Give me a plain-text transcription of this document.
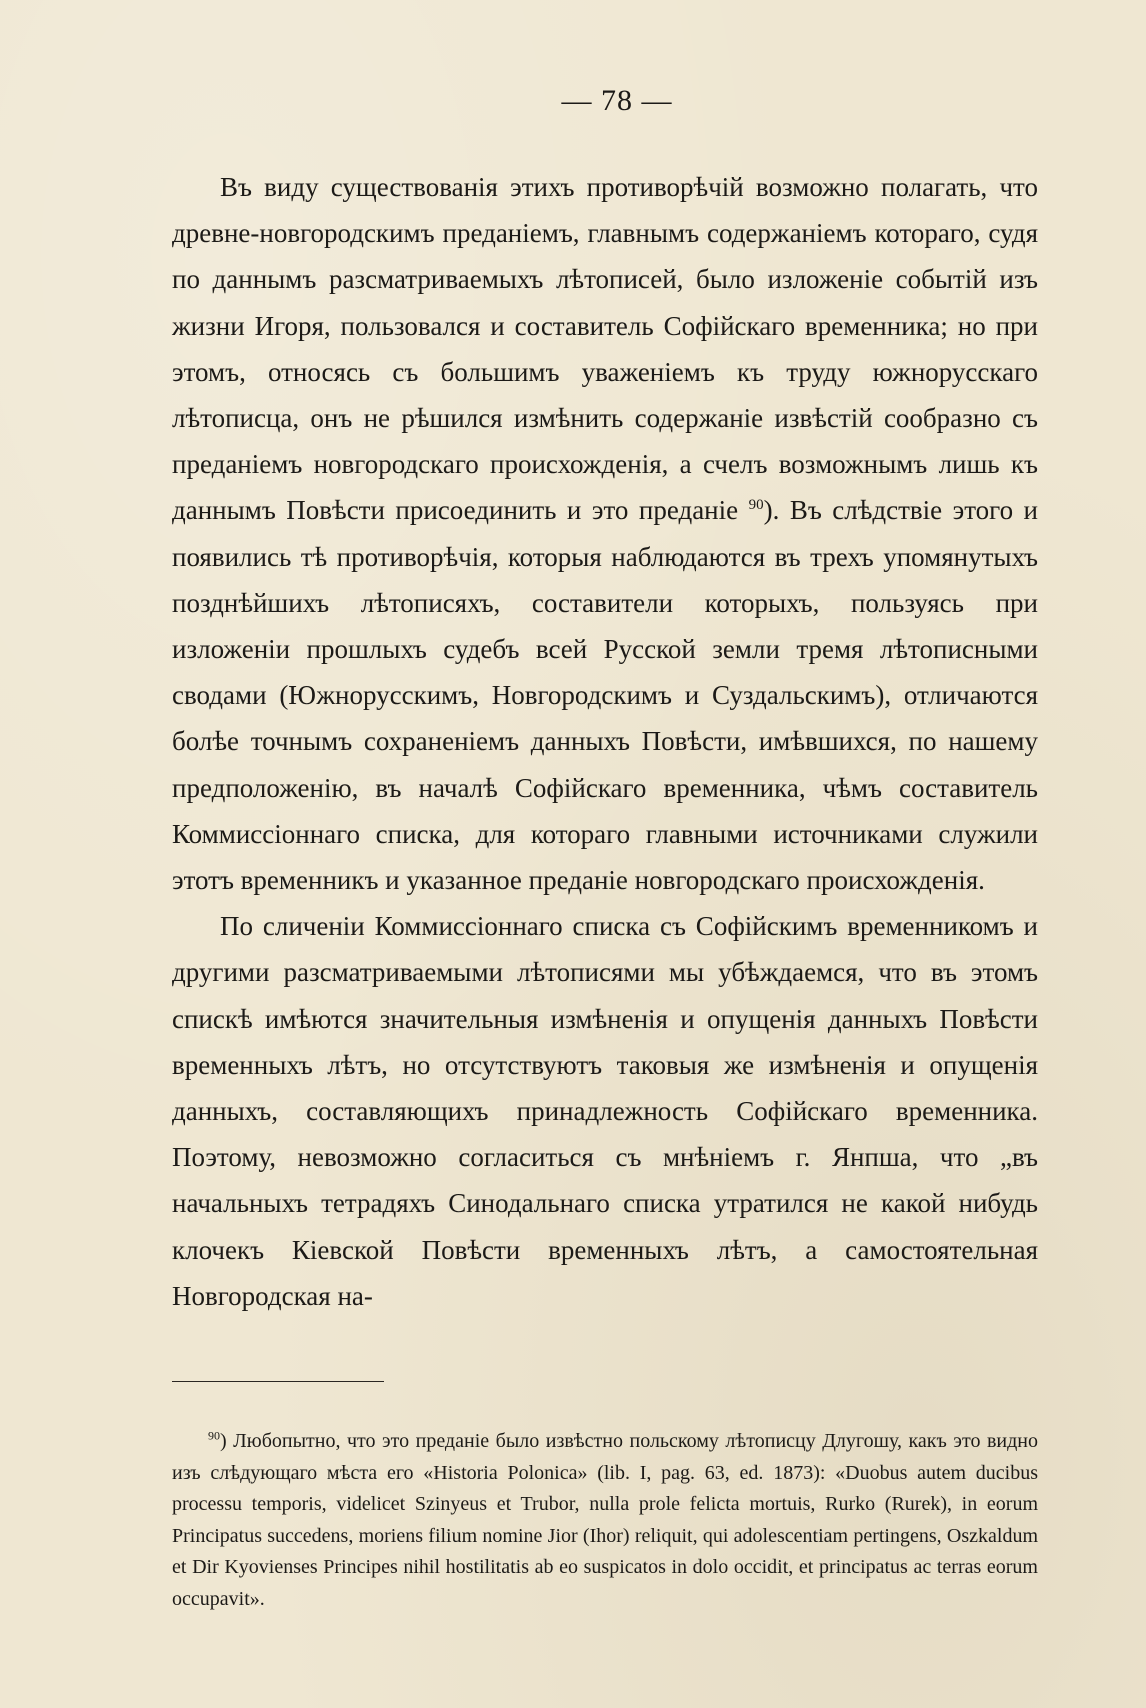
— 78 —

Въ виду существованія этихъ противорѣчій возможно полагать, что древне-новгородскимъ преданіемъ, главнымъ содержаніемъ котораго, судя по даннымъ разсматриваемыхъ лѣтописей, было изложеніе событій изъ жизни Игоря, пользовался и составитель Софійскаго временника; но при этомъ, относясь съ большимъ уваженіемъ къ труду южнорусскаго лѣтописца, онъ не рѣшился измѣнить содержаніе извѣстій сообразно съ преданіемъ новгородскаго происхожденія, а счелъ возможнымъ лишь къ даннымъ Повѣсти присоединить и это преданіе $^{90}$). Въ слѣдствіе этого и появились тѣ противорѣчія, которыя наблюдаются въ трехъ упомянутыхъ позднѣйшихъ лѣтописяхъ, составители которыхъ, пользуясь при изложеніи прошлыхъ судебъ всей Русской земли тремя лѣтописными сводами (Южнорусскимъ, Новгородскимъ и Суздальскимъ), отличаются болѣе точнымъ сохраненіемъ данныхъ Повѣсти, имѣвшихся, по нашему предположенію, въ началѣ Софійскаго временника, чѣмъ составитель Коммиссіоннаго списка, для котораго главными источниками служили этотъ временникъ и указанное преданіе новгородскаго происхожденія.

По сличеніи Коммиссіоннаго списка съ Софійскимъ временникомъ и другими разсматриваемыми лѣтописями мы убѣждаемся, что въ этомъ спискѣ имѣются значительныя измѣненія и опущенія данныхъ Повѣсти временныхъ лѣтъ, но отсутствуютъ таковыя же измѣненія и опущенія данныхъ, составляющихъ принадлежность Софійскаго временника. Поэтому, невозможно согласиться съ мнѣніемъ г. Янпша, что „въ начальныхъ тетрадяхъ Синодальнаго списка утратился не какой нибудь клочекъ Кіевской Повѣсти временныхъ лѣтъ, а самостоятельная Новгородская на-

$^{90}$) Любопытно, что это преданіе было извѣстно польскому лѣтописцу Длугошу, какъ это видно изъ слѣдующаго мѣста его «Historia Polonica» (lib. I, pag. 63, ed. 1873): «Duobus autem ducibus processu temporis, videlicet Szinyeus et Trubor, nulla prole felicta mortuis, Rurko (Rurek), in eorum Principatus succedens, moriens filium nomine Jior (Ihor) reliquit, qui adolescentiam pertingens, Oszkaldum et Dir Kyovienses Principes nihil hostilitatis ab eo suspicatos in dolo occidit, et principatus ac terras eorum occupavit».
